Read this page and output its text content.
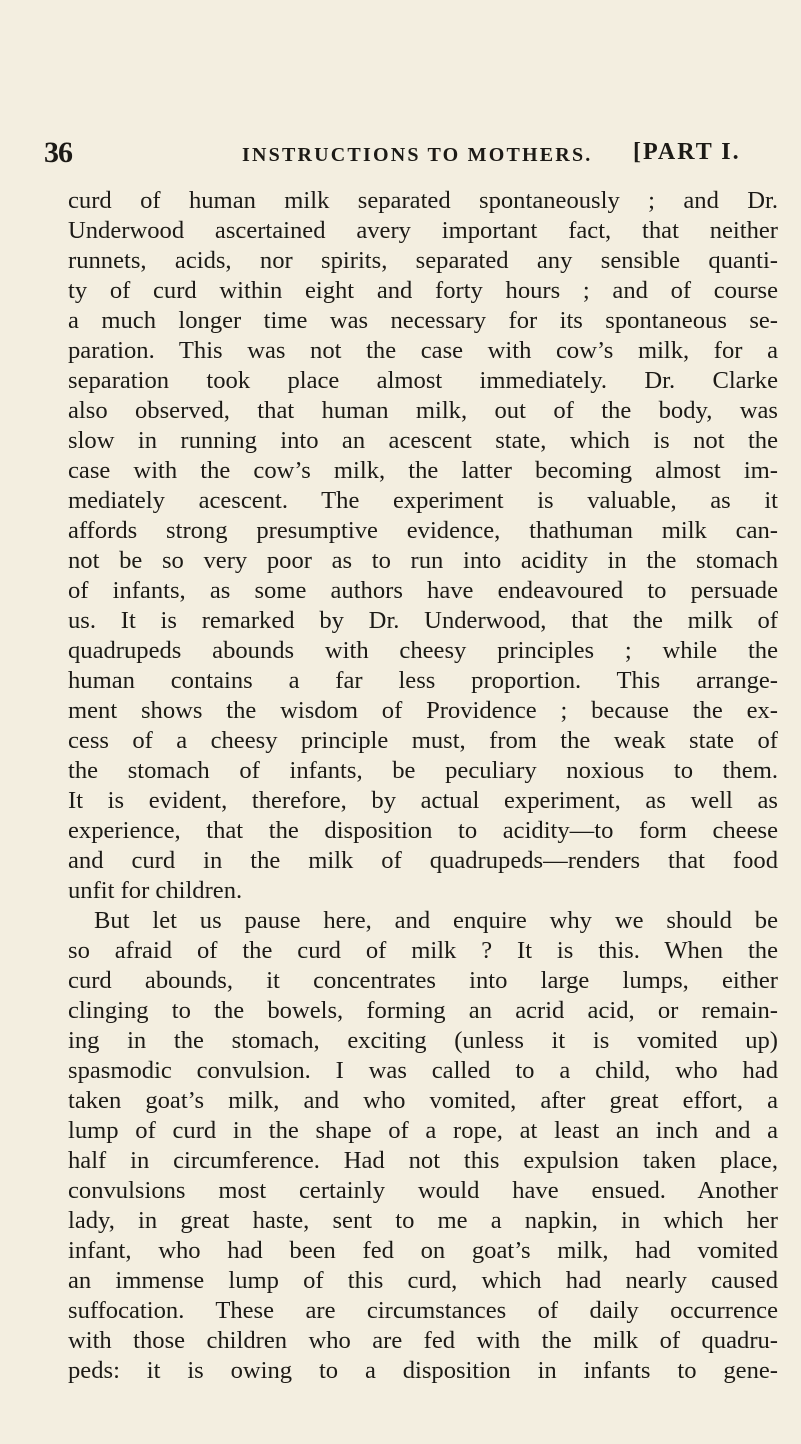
36	INSTRUCTIONS TO MOTHERS. [PART I.
curd of human milk separated spontaneously ; and Dr.
Underwood ascertained avery important fact, that neither
runnets, acids, nor spirits, separated any sensible quanti-
ty of curd within eight and forty hours ; and of course
a much longer time was necessary for its spontaneous se-
paration. This was not the case with cow’s milk, for a
separation took place almost immediately. Dr. Clarke
also observed, that human milk, out of the body, was
slow in running into an acescent state, which is not the
case with the cow’s milk, the latter becoming almost im-
mediately acescent. The experiment is valuable, as it
affords strong presumptive evidence, thathuman milk can-
not be so very poor as to run into acidity in the stomach
of infants, as some authors have endeavoured to persuade
us. It is remarked by Dr. Underwood, that the milk of
quadrupeds abounds with cheesy principles ; while the
human contains a far less proportion. This arrange-
ment shows the wisdom of Providence ; because the ex-
cess of a cheesy principle must, from the weak state of
the stomach of infants, be peculiary noxious to them.
It is evident, therefore, by actual experiment, as well as
experience, that the disposition to acidity—to form cheese
and curd in the milk of quadrupeds—renders that food
unfit for children.
But let us pause here, and enquire why we should be
so afraid of the curd of milk ? It is this. When the
curd abounds, it concentrates into large lumps, either
clinging to the bowels, forming an acrid acid, or remain-
ing in the stomach, exciting (unless it is vomited up)
spasmodic convulsion. I was called to a child, who had
taken goat’s milk, and who vomited, after great effort, a
lump of curd in the shape of a rope, at least an inch and a
half in circumference. Had not this expulsion taken place,
convulsions most certainly would have ensued. Another
lady, in great haste, sent to me a napkin, in which her
infant, who had been fed on goat’s milk, had vomited
an immense lump of this curd, which had nearly caused
suffocation. These are circumstances of daily occurrence
with those children who are fed with the milk of quadru-
peds: it is owing to a disposition in infants to gene-
